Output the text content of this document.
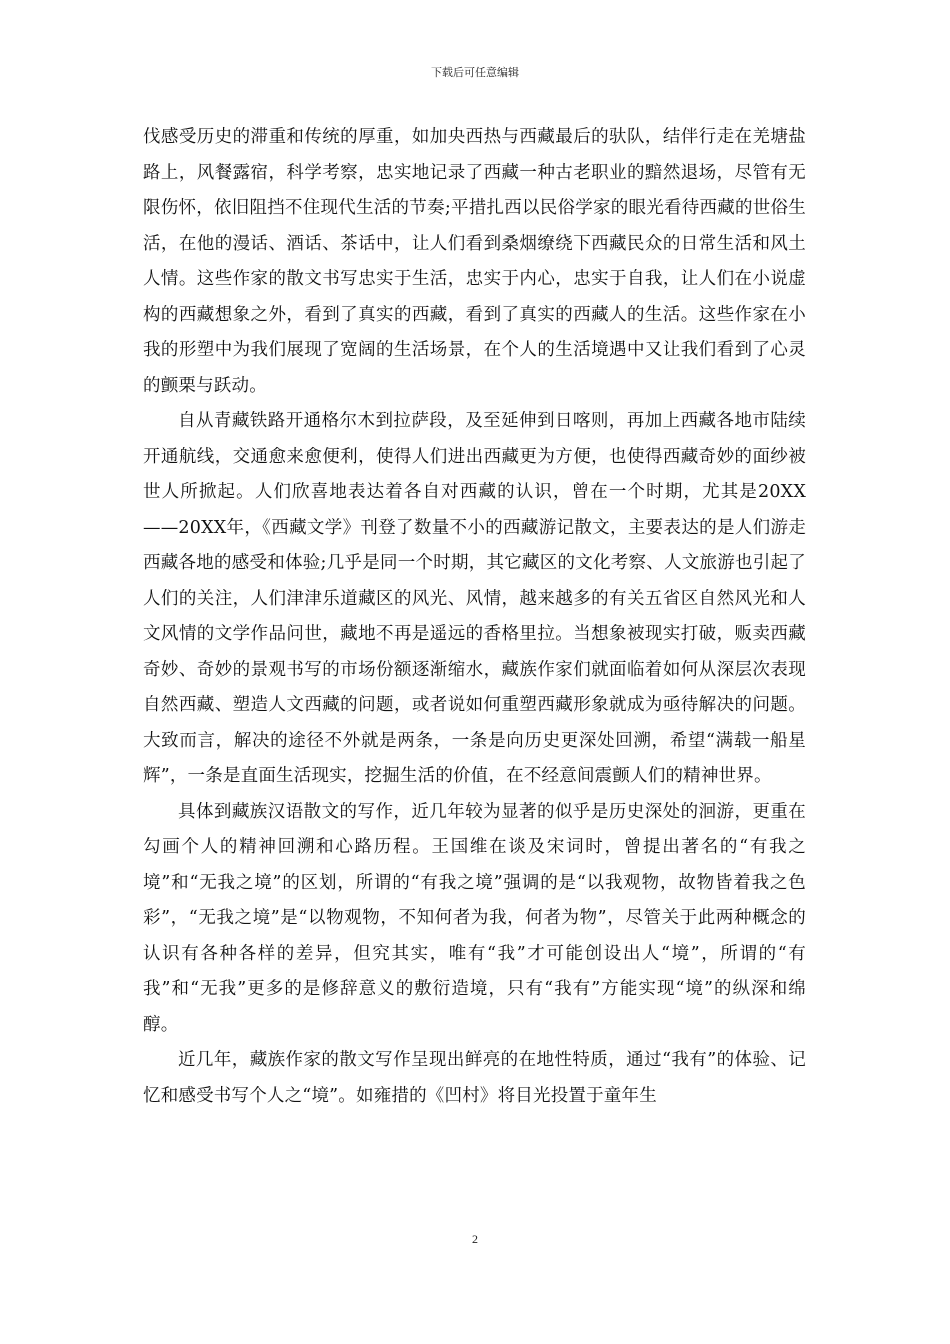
下载后可任意编辑

伐感受历史的滞重和传统的厚重，如加央西热与西藏最后的驮队，结伴行走在羌塘盐路上，风餐露宿，科学考察，忠实地记录了西藏一种古老职业的黯然退场，尽管有无限伤怀，依旧阻挡不住现代生活的节奏;平措扎西以民俗学家的眼光看待西藏的世俗生活，在他的漫话、酒话、茶话中，让人们看到桑烟缭绕下西藏民众的日常生活和风土人情。这些作家的散文书写忠实于生活，忠实于内心，忠实于自我，让人们在小说虚构的西藏想象之外，看到了真实的西藏，看到了真实的西藏人的生活。这些作家在小我的形塑中为我们展现了宽阔的生活场景，在个人的生活境遇中又让我们看到了心灵的颤栗与跃动。

自从青藏铁路开通格尔木到拉萨段，及至延伸到日喀则，再加上西藏各地市陆续开通航线，交通愈来愈便利，使得人们进出西藏更为方便，也使得西藏奇妙的面纱被世人所掀起。人们欣喜地表达着各自对西藏的认识，曾在一个时期，尤其是20XX——20XX年，《西藏文学》刊登了数量不小的西藏游记散文，主要表达的是人们游走西藏各地的感受和体验;几乎是同一个时期，其它藏区的文化考察、人文旅游也引起了人们的关注，人们津津乐道藏区的风光、风情，越来越多的有关五省区自然风光和人文风情的文学作品问世，藏地不再是遥远的香格里拉。当想象被现实打破，贩卖西藏奇妙、奇妙的景观书写的市场份额逐渐缩水，藏族作家们就面临着如何从深层次表现自然西藏、塑造人文西藏的问题，或者说如何重塑西藏形象就成为亟待解决的问题。大致而言，解决的途径不外就是两条，一条是向历史更深处回溯，希望“满载一船星辉”，一条是直面生活现实，挖掘生活的价值，在不经意间震颤人们的精神世界。

具体到藏族汉语散文的写作，近几年较为显著的似乎是历史深处的洄游，更重在勾画个人的精神回溯和心路历程。王国维在谈及宋词时，曾提出著名的“有我之境”和“无我之境”的区划，所谓的“有我之境”强调的是“以我观物，故物皆着我之色彩”，“无我之境”是“以物观物，不知何者为我，何者为物”，尽管关于此两种概念的认识有各种各样的差异，但究其实，唯有“我”才可能创设出人“境”，所谓的“有我”和“无我”更多的是修辞意义的敷衍造境，只有“我有”方能实现“境”的纵深和绵醇。

近几年，藏族作家的散文写作呈现出鲜亮的在地性特质，通过“我有”的体验、记忆和感受书写个人之“境”。如雍措的《凹村》将目光投置于童年生

2
